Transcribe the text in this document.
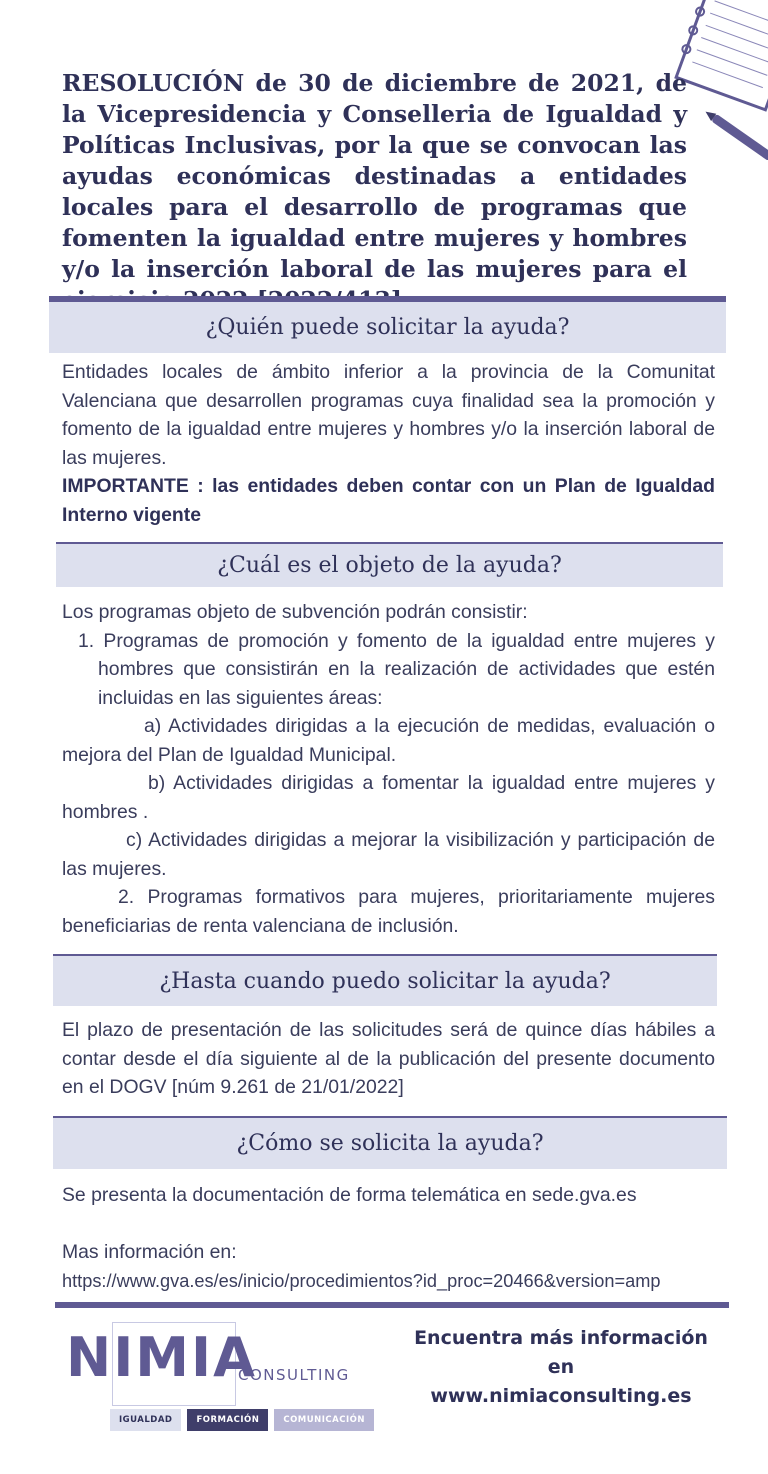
RESOLUCIÓN de 30 de diciembre de 2021, de la Vicepresidencia y Conselleria de Igualdad y Políticas Inclusivas, por la que se convocan las ayudas económicas destinadas a entidades locales para el desarrollo de programas que fomenten la igualdad entre mujeres y hombres y/o la inserción laboral de las mujeres para el
¿Quién puede solicitar la ayuda?

Entidades locales de ámbito inferior a la provincia de la Comunitat Valenciana que desarrollen programas cuya finalidad sea la promoción y fomento de la igualdad entre mujeres y hombres y/o la inserción laboral de las mujeres.
IMPORTANTE : las entidades deben contar con un Plan de Igualdad Interno vigente

¿Cuál es el objeto de la ayuda?

Los programas objeto de subvención podrán consistir:
1. Programas de promoción y fomento de la igualdad entre mujeres y hombres que consistirán en la realización de actividades que estén incluidas en las siguientes áreas:
a) Actividades dirigidas a la ejecución de medidas, evaluación o mejora del Plan de Igualdad Municipal.
b) Actividades dirigidas a fomentar la igualdad entre mujeres y hombres .
c) Actividades dirigidas a mejorar la visibilización y participación de las mujeres.
2. Programas formativos para mujeres, prioritariamente mujeres beneficiarias de renta valenciana de inclusión.

¿Hasta cuando puedo solicitar la ayuda?

El plazo de presentación de las solicitudes será de quince días hábiles a contar desde el día siguiente al de la publicación del presente documento en el DOGV [núm 9.261 de 21/01/2022]

¿Cómo se solicita la ayuda?

Se presenta la documentación de forma telemática en sede.gva.es

Mas información en:
https://www.gva.es/es/inicio/procedimientos?id_proc=20466&version=amp

NIMIA
CONSULTING
IGUALDAD	FORMACIÓN	COMUNICACIÓN
Encuentra más información
en
www.nimiaconsulting.es
